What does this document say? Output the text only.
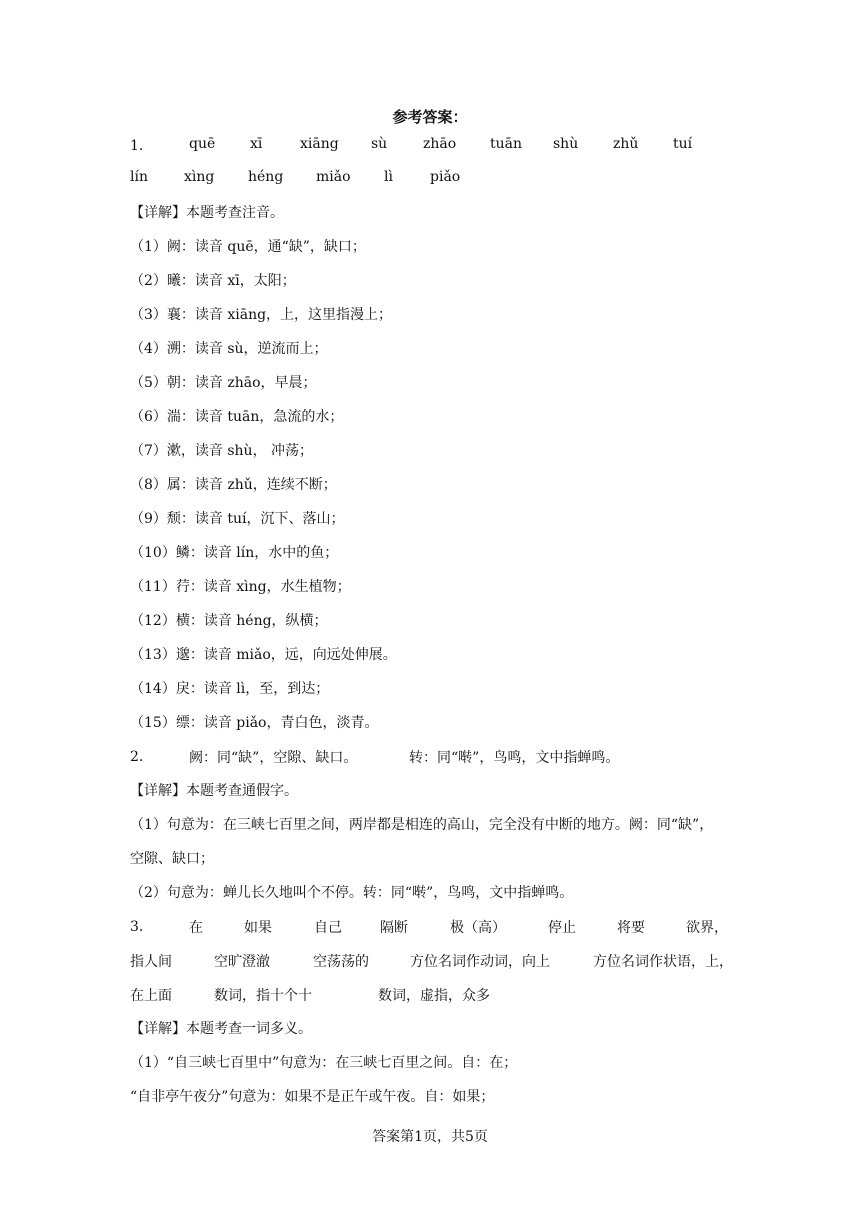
参考答案：
1．	quē xī	xiāng sù	zhāo tuān shù zhǔ tuí
lín	xìng héng miǎo lì	piǎo
【详解】本题考查注音。
（1）阙：读音 quē，通“缺”，缺口；
（2）曦：读音 xī，太阳；
（3）襄：读音 xiāng，上，这里指漫上；
（4）溯：读音 sù，逆流而上；
（5）朝：读音 zhāo，早晨；
（6）湍：读音 tuān，急流的水；
（7）漱，读音 shù， 冲荡；
（8）属：读音 zhǔ，连续不断；
（9）颓：读音 tuí，沉下、落山；
（10）鳞：读音 lín，水中的鱼；
（11）荇：读音 xìng，水生植物；
（12）横：读音 héng，纵横；
（13）邈：读音 miǎo，远，向远处伸展。
（14）戾：读音 lì，至，到达；
（15）缥：读音 piǎo，青白色，淡青。
2．	阙：同“缺”，空隙、缺口。	转：同“啭”，鸟鸣，文中指蝉鸣。
【详解】本题考查通假字。
（1）句意为：在三峡七百里之间，两岸都是相连的高山，完全没有中断的地方。阙：同“缺”，
空隙、缺口；
（2）句意为：蝉儿长久地叫个不停。转：同“啭”，鸟鸣，文中指蝉鸣。
3．	在	如果	自己	隔断	极（高）	停止	将要	欲界，
指人间	空旷澄澈	空荡荡的	方位名词作动词，向上	方位名词作状语，上，
在上面	数词，指十个十	数词，虚指，众多
【详解】本题考查一词多义。
（1）“自三峡七百里中”句意为：在三峡七百里之间。自：在；
“自非亭午夜分”句意为：如果不是正午或午夜。自：如果；
答案第1页，共5页
